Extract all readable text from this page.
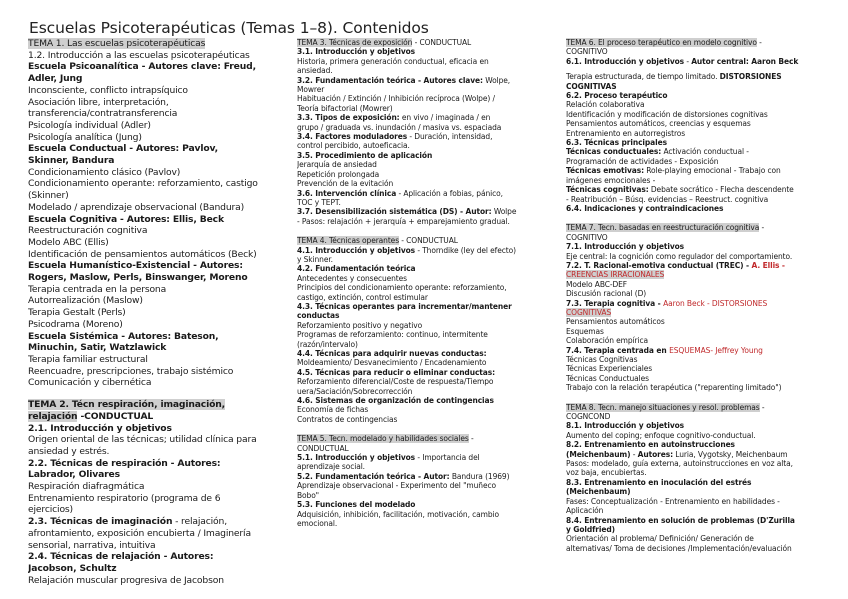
Escuelas Psicoterapéuticas (Temas 1–8). Contenidos
TEMA 1. Las escuelas psicoterapéuticas
1.2. Introducción a las escuelas psicoterapéuticas
Escuela Psicoanalítica - Autores clave: Freud,
Adler, Jung
Inconsciente, conflicto intrapsíquico
Asociación libre, interpretación,
transferencia/contratransferencia
Psicología individual (Adler)
Psicología analítica (Jung)
Escuela Conductual - Autores: Pavlov,
Skinner, Bandura
Condicionamiento clásico (Pavlov)
Condicionamiento operante: reforzamiento, castigo
(Skinner)
Modelado / aprendizaje observacional (Bandura)
Escuela Cognitiva - Autores: Ellis, Beck
Reestructuración cognitiva
Modelo ABC (Ellis)
Identificación de pensamientos automáticos (Beck)
Escuela Humanístico-Existencial - Autores:
Rogers, Maslow, Perls, Binswanger, Moreno
Terapia centrada en la persona
Autorrealización (Maslow)
Terapia Gestalt (Perls)
Psicodrama (Moreno)
Escuela Sistémica - Autores: Bateson,
Minuchin, Satir, Watzlawick
Terapia familiar estructural
Reencuadre, prescripciones, trabajo sistémico
Comunicación y cibernética
TEMA 2. Técn respiración, imaginación,
relajación -CONDUCTUAL
2.1. Introducción y objetivos
Origen oriental de las técnicas; utilidad clínica para
ansiedad y estrés.
2.2. Técnicas de respiración - Autores:
Labrador, Olivares
Respiración diafragmática
Entrenamiento respiratorio (programa de 6
ejercicios)
2.3. Técnicas de imaginación - relajación,
afrontamiento, exposición encubierta / Imaginería
sensorial, narrativa, intuitiva
2.4. Técnicas de relajación - Autores:
Jacobson, Schultz
Relajación muscular progresiva de Jacobson
TEMA 3. Técnicas de exposición - CONDUCTUAL
3.1. Introducción y objetivos
Historia, primera generación conductual, eficacia en
ansiedad.
3.2. Fundamentación teórica - Autores clave: Wolpe,
Mowrer
Habituación / Extinción / Inhibición recíproca (Wolpe) /
Teoría bifactorial (Mowrer)
3.3. Tipos de exposición: en vivo / imaginada / en
grupo / graduada vs. inundación / masiva vs. espaciada
3.4. Factores moduladores - Duración, intensidad,
control percibido, autoeficacia.
3.5. Procedimiento de aplicación
Jerarquía de ansiedad
Repetición prolongada
Prevención de la evitación
3.6. Intervención clínica - Aplicación a fobias, pánico,
TOC y TEPT.
3.7. Desensibilización sistemática (DS) - Autor: Wolpe
- Pasos: relajación + jerarquía + emparejamiento gradual.
TEMA 4. Técnicas operantes - CONDUCTUAL
4.1. Introducción y objetivos - Thorndike (ley del efecto)
y Skinner.
4.2. Fundamentación teórica
Antecedentes y consecuentes
Principios del condicionamiento operante: reforzamiento,
castigo, extinción, control estimular
4.3. Técnicas operantes para incrementar/mantener
conductas
Reforzamiento positivo y negativo
Programas de reforzamiento: continuo, intermitente
(razón/intervalo)
4.4. Técnicas para adquirir nuevas conductas:
Moldeamiento/ Desvanecimiento / Encadenamiento
4.5. Técnicas para reducir o eliminar conductas:
Reforzamiento diferencial/Coste de respuesta/Tiempo
uera/Saciación/Sobrecorrección
4.6. Sistemas de organización de contingencias
Economía de fichas
Contratos de contingencias
TEMA 5. Tecn. modelado y habilidades sociales -
CONDUCTUAL
5.1. Introducción y objetivos - Importancia del
aprendizaje social.
5.2. Fundamentación teórica - Autor: Bandura (1969)
Aprendizaje observacional - Experimento del "muñeco
Bobo"
5.3. Funciones del modelado
Adquisición, inhibición, facilitación, motivación, cambio
emocional.
TEMA 6. El proceso terapéutico en modelo cognitivo -
COGNITIVO
6.1. Introducción y objetivos - Autor central: Aaron Beck
Terapia estructurada, de tiempo limitado. DISTORSIONES
COGNITIVAS
6.2. Proceso terapéutico
Relación colaborativa
Identificación y modificación de distorsiones cognitivas
Pensamientos automáticos, creencias y esquemas
Entrenamiento en autorregistros
6.3. Técnicas principales
Técnicas conductuales: Activación conductual -
Programación de actividades - Exposición
Técnicas emotivas: Role-playing emocional - Trabajo con
imágenes emocionales -
Técnicas cognitivas: Debate socrático - Flecha descendente
- Reatribución – Búsq. evidencias – Reestruct. cognitiva
6.4. Indicaciones y contraindicaciones
TEMA 7. Tecn. basadas en reestructuración cognitiva -
COGNITIVO
7.1. Introducción y objetivos
Eje central: la cognición como regulador del comportamiento.
7.2. T. Racional-emotiva conductual (TREC) - A. Ellis -
CREENCIAS IRRACIONALES
Modelo ABC-DEF
Discusión racional (D)
7.3. Terapia cognitiva - Aaron Beck - DISTORSIONES
COGNITIVAS
Pensamientos automáticos
Esquemas
Colaboración empírica
7.4. Terapia centrada en ESQUEMAS- Jeffrey Young
Técnicas Cognitivas
Técnicas Experienciales
Técnicas Conductuales
Trabajo con la relación terapéutica ("reparenting limitado")
TEMA 8. Tecn. manejo situaciones y resol. problemas -
COGNCOND
8.1. Introducción y objetivos
Aumento del coping; enfoque cognitivo-conductual.
8.2. Entrenamiento en autoinstrucciones
(Meichenbaum) - Autores: Luria, Vygotsky, Meichenbaum
Pasos: modelado, guía externa, autoinstrucciones en voz alta,
voz baja, encubiertas.
8.3. Entrenamiento en inoculación del estrés
(Meichenbaum)
Fases: Conceptualización - Entrenamiento en habilidades -
Aplicación
8.4. Entrenamiento en solución de problemas (D'Zurilla
y Goldfried)
Orientación al problema/ Definición/ Generación de
alternativas/ Toma de decisiones /Implementación/evaluación
